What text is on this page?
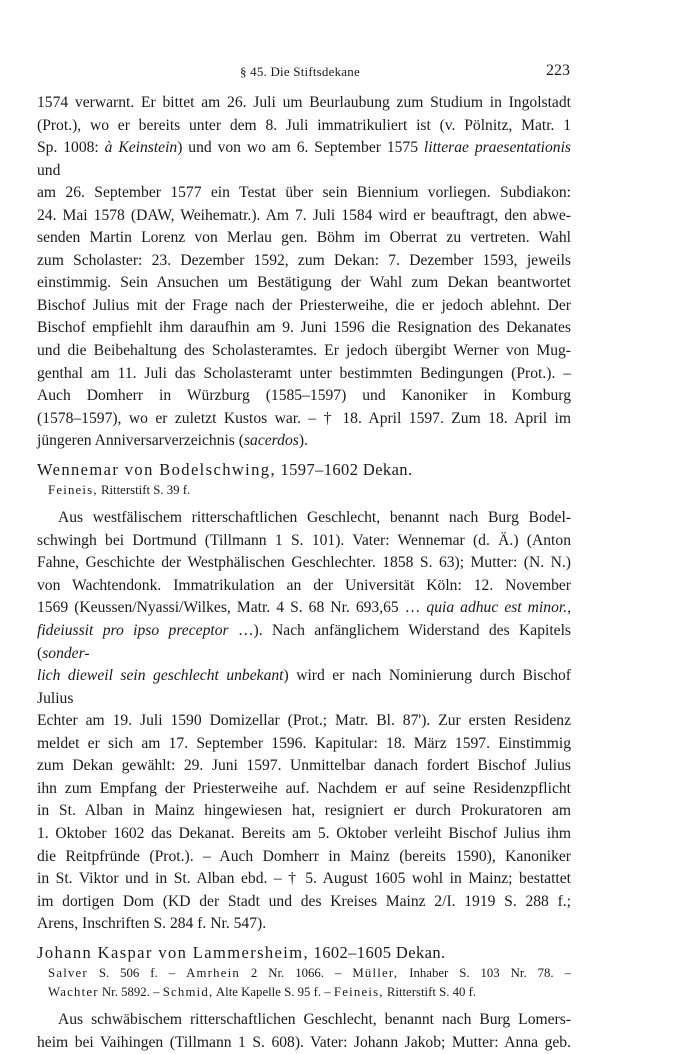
§ 45. Die Stiftsdekane	223
1574 verwarnt. Er bittet am 26. Juli um Beurlaubung zum Studium in Ingolstadt
(Prot.), wo er bereits unter dem 8. Juli immatrikuliert ist (v. Pölnitz, Matr. 1
Sp. 1008: à Keinstein) und von wo am 6. September 1575 litterae praesentationis und
am 26. September 1577 ein Testat über sein Biennium vorliegen. Subdiakon:
24. Mai 1578 (DAW, Weihematr.). Am 7. Juli 1584 wird er beauftragt, den abwe-
senden Martin Lorenz von Merlau gen. Böhm im Oberrat zu vertreten. Wahl
zum Scholaster: 23. Dezember 1592, zum Dekan: 7. Dezember 1593, jeweils
einstimmig. Sein Ansuchen um Bestätigung der Wahl zum Dekan beantwortet
Bischof Julius mit der Frage nach der Priesterweihe, die er jedoch ablehnt. Der
Bischof empfiehlt ihm daraufhin am 9. Juni 1596 die Resignation des Dekanates
und die Beibehaltung des Scholasteramtes. Er jedoch übergibt Werner von Mug-
genthal am 11. Juli das Scholasteramt unter bestimmten Bedingungen (Prot.). –
Auch Domherr in Würzburg (1585–1597) und Kanoniker in Komburg
(1578–1597), wo er zuletzt Kustos war. – † 18. April 1597. Zum 18. April im
jüngeren Anniversarverzeichnis (sacerdos).
Wennemar von Bodelschwing, 1597–1602 Dekan.
Feineis, Ritterstift S. 39 f.
Aus westfälischem ritterschaftlichen Geschlecht, benannt nach Burg Bodel-
schwingh bei Dortmund (Tillmann 1 S. 101). Vater: Wennemar (d. Ä.) (Anton
Fahne, Geschichte der Westphälischen Geschlechter. 1858 S. 63); Mutter: (N. N.)
von Wachtendonk. Immatrikulation an der Universität Köln: 12. November
1569 (Keussen/Nyassi/Wilkes, Matr. 4 S. 68 Nr. 693,65 … quia adhuc est minor.,
fideiussit pro ipso preceptor …). Nach anfänglichem Widerstand des Kapitels (sonder-
lich dieweil sein geschlecht unbekant) wird er nach Nominierung durch Bischof Julius
Echter am 19. Juli 1590 Domizellar (Prot.; Matr. Bl. 87'). Zur ersten Residenz
meldet er sich am 17. September 1596. Kapitular: 18. März 1597. Einstimmig
zum Dekan gewählt: 29. Juni 1597. Unmittelbar danach fordert Bischof Julius
ihn zum Empfang der Priesterweihe auf. Nachdem er auf seine Residenzpflicht
in St. Alban in Mainz hingewiesen hat, resigniert er durch Prokuratoren am
1. Oktober 1602 das Dekanat. Bereits am 5. Oktober verleiht Bischof Julius ihm
die Reitpfründe (Prot.). – Auch Domherr in Mainz (bereits 1590), Kanoniker
in St. Viktor und in St. Alban ebd. – † 5. August 1605 wohl in Mainz; bestattet
im dortigen Dom (KD der Stadt und des Kreises Mainz 2/I. 1919 S. 288 f.;
Arens, Inschriften S. 284 f. Nr. 547).
Johann Kaspar von Lammersheim, 1602–1605 Dekan.
Salver S. 506 f. – Amrhein 2 Nr. 1066. – Müller, Inhaber S. 103 Nr. 78. –
Wachter Nr. 5892. – Schmid, Alte Kapelle S. 95 f. – Feineis, Ritterstift S. 40 f.
Aus schwäbischem ritterschaftlichen Geschlecht, benannt nach Burg Lomers-
heim bei Vaihingen (Tillmann 1 S. 608). Vater: Johann Jakob; Mutter: Anna geb.
